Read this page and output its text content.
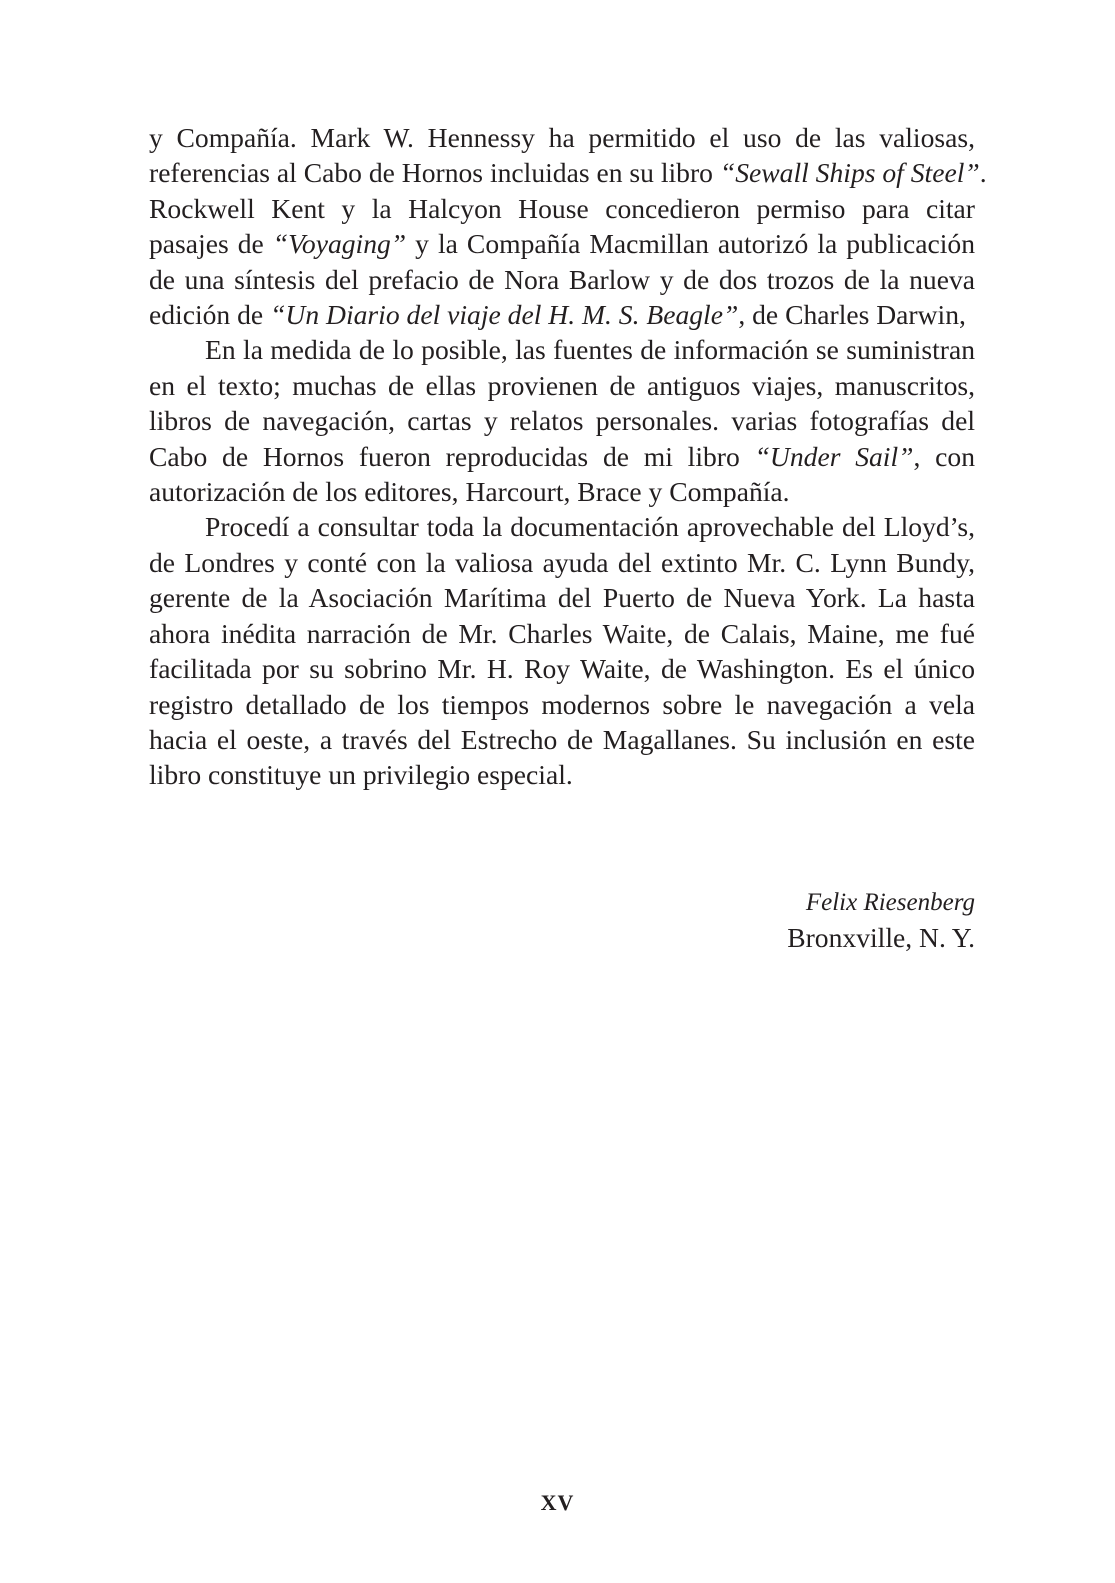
y Compañía. Mark W. Hennessy ha permitido el uso de las valiosas,
referencias al Cabo de Hornos incluidas en su libro “Sewall Ships of Steel”.
Rockwell Kent y la Halcyon House concedieron permiso para citar
pasajes de “Voyaging” y la Compañía Macmillan autorizó la publicación
de una síntesis del prefacio de Nora Barlow y de dos trozos de la nueva
edición de “Un Diario del viaje del H. M. S. Beagle”, de Charles Darwin,

En la medida de lo posible, las fuentes de información se suministran
en el texto; muchas de ellas provienen de antiguos viajes, manuscritos,
libros de navegación, cartas y relatos personales. varias fotografías del
Cabo de Hornos fueron reproducidas de mi libro “Under Sail”, con
autorización de los editores, Harcourt, Brace y Compañía.

Procedí a consultar toda la documentación aprovechable del Lloyd’s,
de Londres y conté con la valiosa ayuda del extinto Mr. C. Lynn Bundy,
gerente de la Asociación Marítima del Puerto de Nueva York. La hasta
ahora inédita narración de Mr. Charles Waite, de Calais, Maine, me fué
facilitada por su sobrino Mr. H. Roy Waite, de Washington. Es el único
registro detallado de los tiempos modernos sobre le navegación a vela
hacia el oeste, a través del Estrecho de Magallanes. Su inclusión en este
libro constituye un privilegio especial.

Felix Riesenberg
Bronxville, N. Y.
XV
